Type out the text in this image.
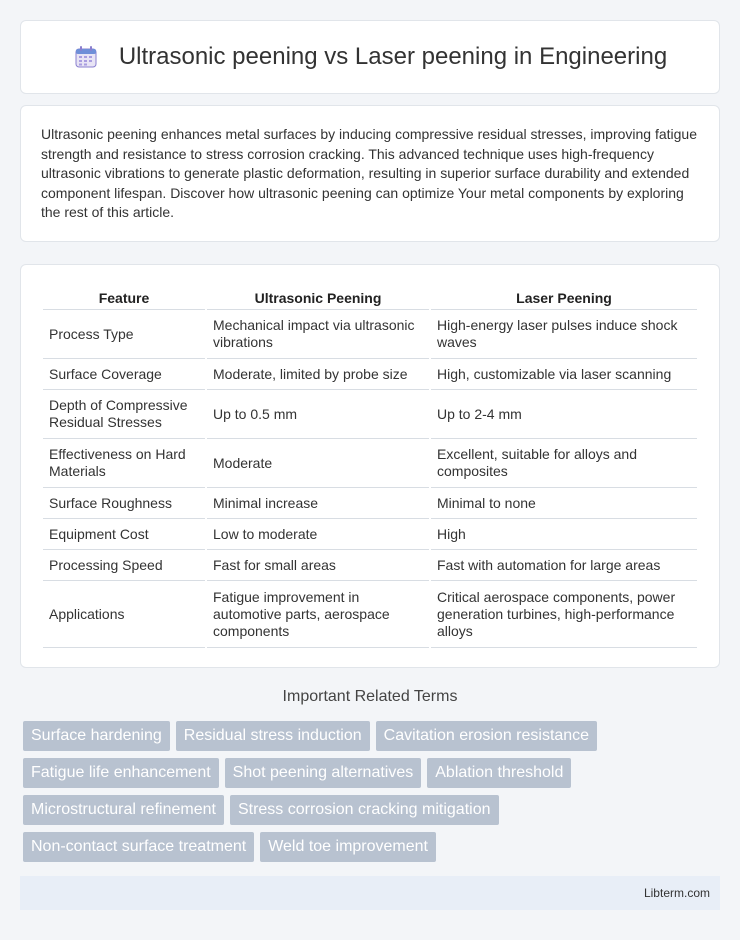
Ultrasonic peening vs Laser peening in Engineering

Ultrasonic peening enhances metal surfaces by inducing compressive residual stresses, improving fatigue strength and resistance to stress corrosion cracking. This advanced technique uses high-frequency ultrasonic vibrations to generate plastic deformation, resulting in superior surface durability and extended component lifespan. Discover how ultrasonic peening can optimize Your metal components by exploring the rest of this article.

Feature	Ultrasonic Peening	Laser Peening
Process Type	Mechanical impact via ultrasonic vibrations	High-energy laser pulses induce shock waves
Surface Coverage	Moderate, limited by probe size	High, customizable via laser scanning
Depth of Compressive Residual Stresses	Up to 0.5 mm	Up to 2-4 mm
Effectiveness on Hard Materials	Moderate	Excellent, suitable for alloys and composites
Surface Roughness	Minimal increase	Minimal to none
Equipment Cost	Low to moderate	High
Processing Speed	Fast for small areas	Fast with automation for large areas
Applications	Fatigue improvement in automotive parts, aerospace components	Critical aerospace components, power generation turbines, high-performance alloys
Important Related Terms
Surface hardening	Residual stress induction	Cavitation erosion resistance
Fatigue life enhancement	Shot peening alternatives	Ablation threshold
Microstructural refinement	Stress corrosion cracking mitigation
Non-contact surface treatment	Weld toe improvement
Libterm.com
